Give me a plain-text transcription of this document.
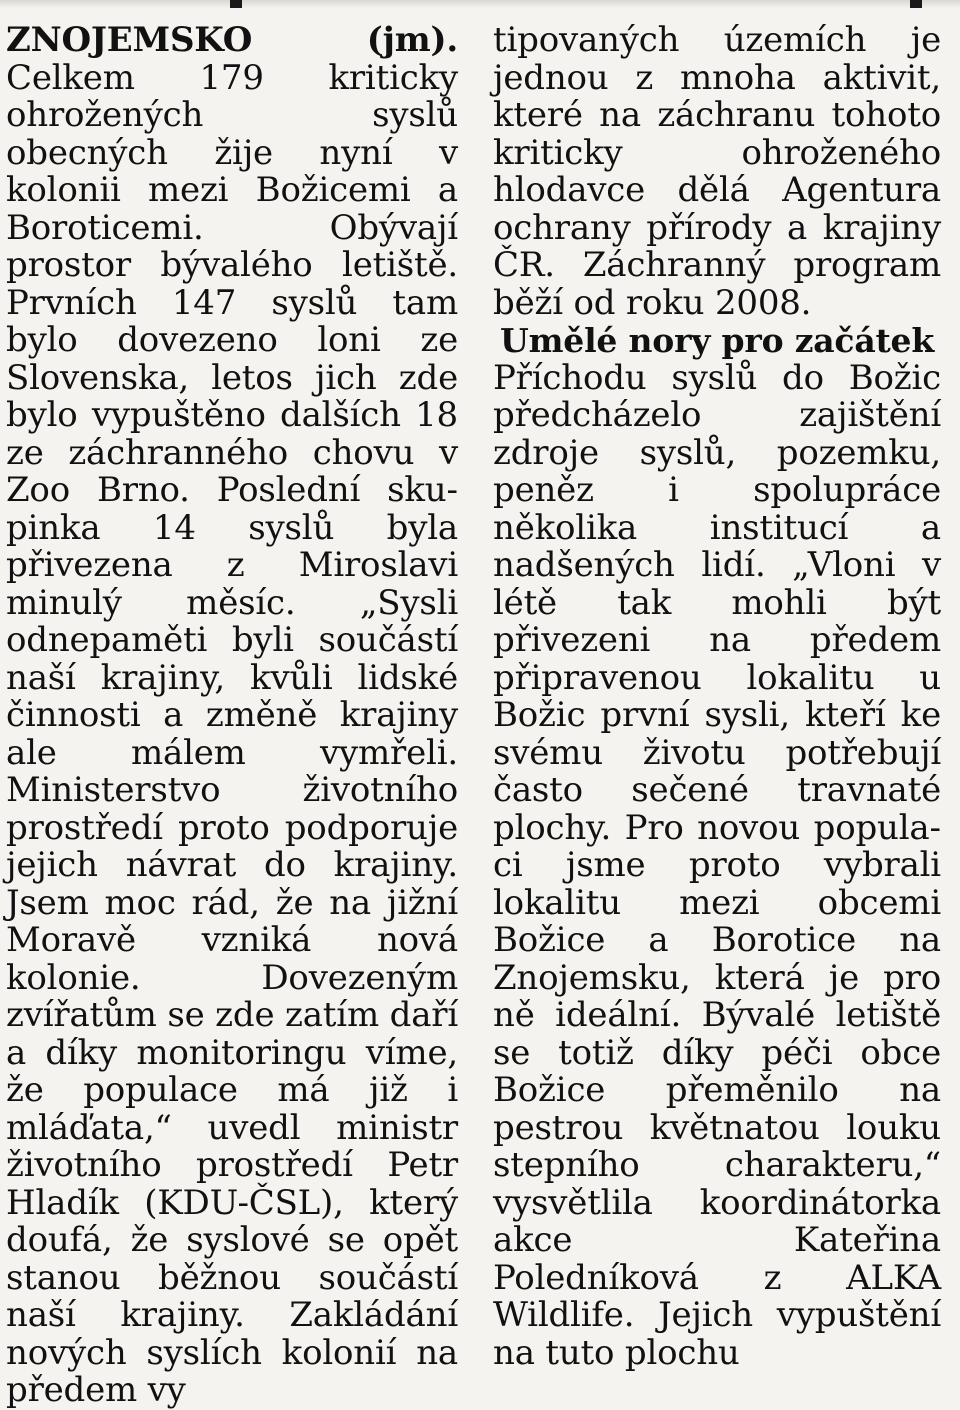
ZNOJEMSKO (jm). Celkem 179 kriticky ohrožených syslů obecných žije nyní v kolonii mezi Božicemi a Boroticemi. Obývají prostor bývalého letiště. Prvních 147 syslů tam bylo dovezeno loni ze Slovenska, letos jich zde bylo vypuštěno dalších 18 ze záchranného chovu v Zoo Brno. Poslední skupinka 14 syslů byla přivezena z Miroslavi minulý měsíc. „Sysli odnepaměti byli součástí naší krajiny, kvůli lidské činnosti a změně krajiny ale málem vymřeli. Ministerstvo životního prostředí proto podporuje jejich návrat do krajiny. Jsem moc rád, že na jižní Moravě vzniká nová kolonie. Dovezeným zvířatům se zde zatím daří a díky monitoringu víme, že populace má již i mláďata,“ uvedl ministr životního prostředí Petr Hladík (KDU-ČSL), který doufá, že syslové se opět stanou běžnou součástí naší krajiny. Zakládání nových syslích kolonií na předem vy

tipovaných územích je jednou z mnoha aktivit, které na záchranu tohoto kriticky ohroženého hlodavce dělá Agentura ochrany přírody a krajiny ČR. Záchranný program běží od roku 2008.

Umělé nory pro začátek

Příchodu syslů do Božic předcházelo zajištění zdroje syslů, pozemku, peněz i spolupráce několika institucí a nadšených lidí. „Vloni v létě tak mohli být přivezeni na předem připravenou lokalitu u Božic první sysli, kteří ke svému životu potřebují často sečené travnaté plochy. Pro novou populaci jsme proto vybrali lokalitu mezi obcemi Božice a Borotice na Znojemsku, která je pro ně ideální. Bývalé letiště se totiž díky péči obce Božice přeměnilo na pestrou květnatou louku stepního charakteru,“ vysvětlila koordinátorka akce Kateřina Poledníková z ALKA Wildlife. Jejich vypuštění na tuto plochu
